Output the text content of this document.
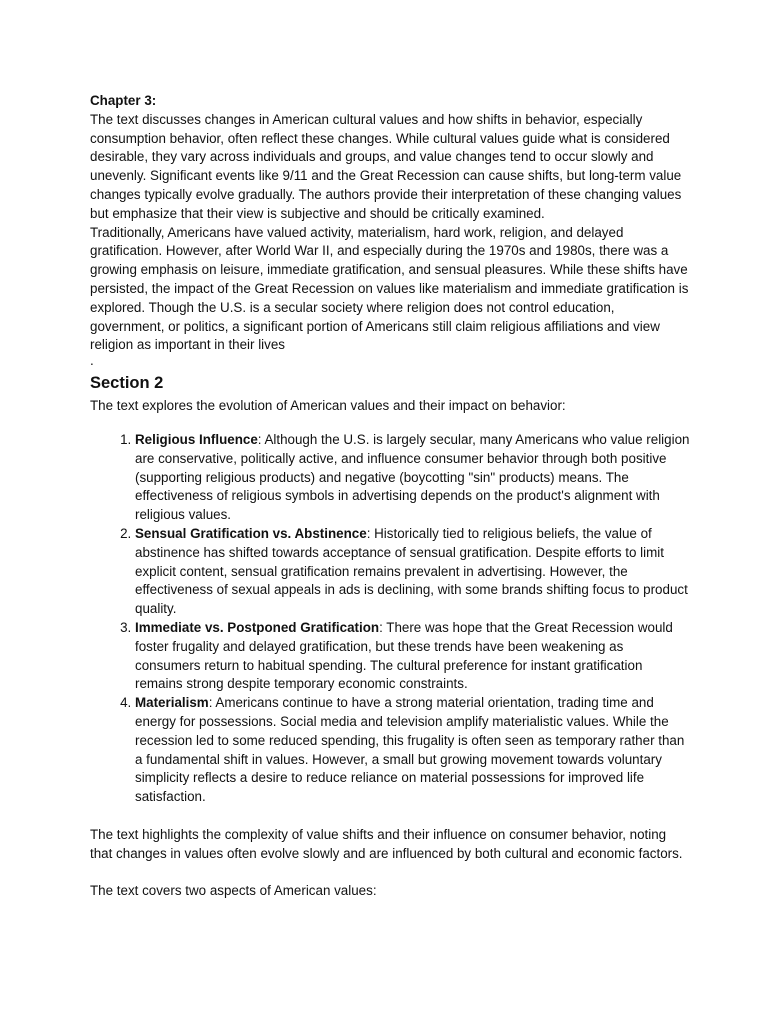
Chapter 3:

The text discusses changes in American cultural values and how shifts in behavior, especially consumption behavior, often reflect these changes. While cultural values guide what is considered desirable, they vary across individuals and groups, and value changes tend to occur slowly and unevenly. Significant events like 9/11 and the Great Recession can cause shifts, but long-term value changes typically evolve gradually. The authors provide their interpretation of these changing values but emphasize that their view is subjective and should be critically examined.

Traditionally, Americans have valued activity, materialism, hard work, religion, and delayed gratification. However, after World War II, and especially during the 1970s and 1980s, there was a growing emphasis on leisure, immediate gratification, and sensual pleasures. While these shifts have persisted, the impact of the Great Recession on values like materialism and immediate gratification is explored. Though the U.S. is a secular society where religion does not control education, government, or politics, a significant portion of Americans still claim religious affiliations and view religion as important in their lives

.

Section 2

The text explores the evolution of American values and their impact on behavior:

1. Religious Influence: Although the U.S. is largely secular, many Americans who value religion are conservative, politically active, and influence consumer behavior through both positive (supporting religious products) and negative (boycotting "sin" products) means. The effectiveness of religious symbols in advertising depends on the product's alignment with religious values.
2. Sensual Gratification vs. Abstinence: Historically tied to religious beliefs, the value of abstinence has shifted towards acceptance of sensual gratification. Despite efforts to limit explicit content, sensual gratification remains prevalent in advertising. However, the effectiveness of sexual appeals in ads is declining, with some brands shifting focus to product quality.
3. Immediate vs. Postponed Gratification: There was hope that the Great Recession would foster frugality and delayed gratification, but these trends have been weakening as consumers return to habitual spending. The cultural preference for instant gratification remains strong despite temporary economic constraints.
4. Materialism: Americans continue to have a strong material orientation, trading time and energy for possessions. Social media and television amplify materialistic values. While the recession led to some reduced spending, this frugality is often seen as temporary rather than a fundamental shift in values. However, a small but growing movement towards voluntary simplicity reflects a desire to reduce reliance on material possessions for improved life satisfaction.

The text highlights the complexity of value shifts and their influence on consumer behavior, noting that changes in values often evolve slowly and are influenced by both cultural and economic factors.

The text covers two aspects of American values:
